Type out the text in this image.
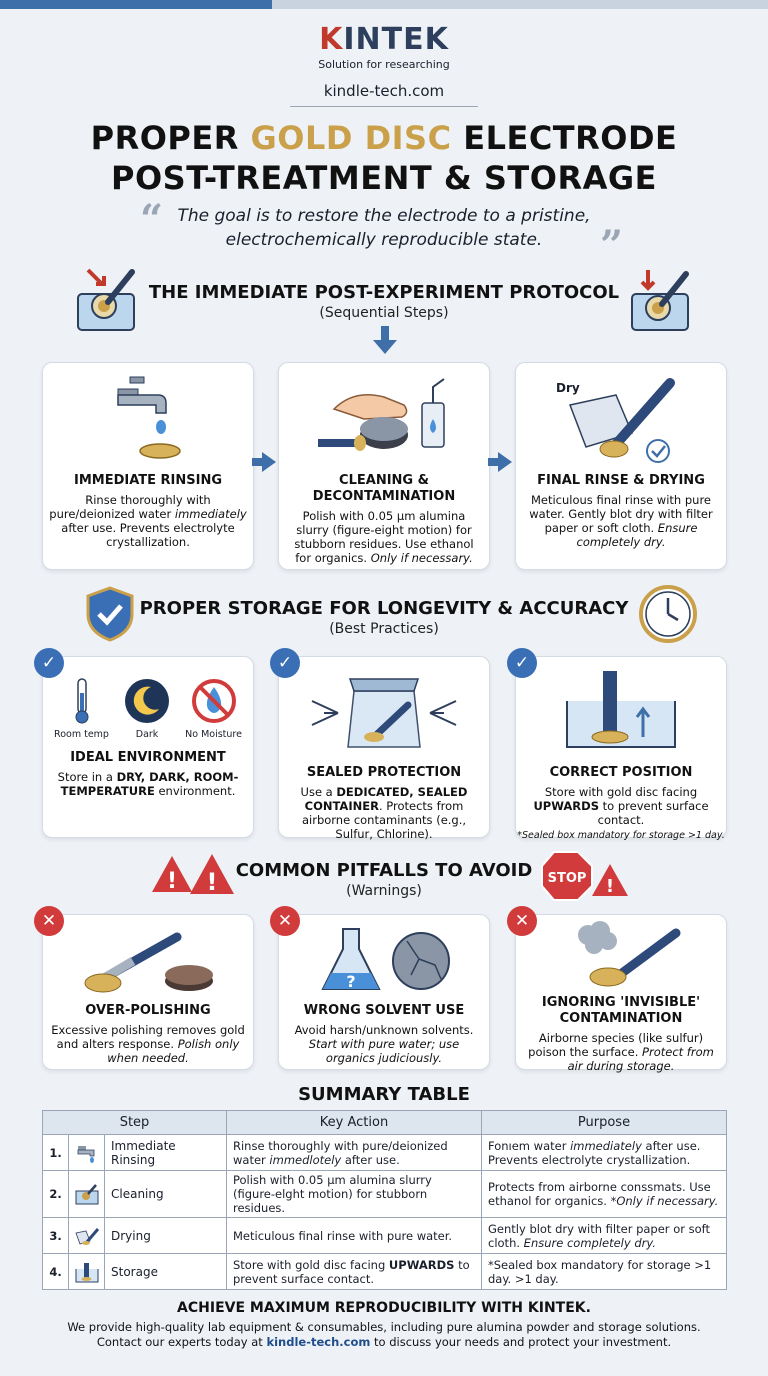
KINTEK
Solution for researching
kindle-tech.com
PROPER GOLD DISC ELECTRODE
POST-TREATMENT & STORAGE
“ The goal is to restore the electrode to a pristine, electrochemically reproducible state.	”
THE IMMEDIATE POST-EXPERIMENT PROTOCOL
(Sequential Steps)
IMMEDIATE RINSING
Rinse thoroughly with pure/deionized water immediately after use. Prevents electrolyte crystallization.
CLEANING & DECONTAMINATION
Polish with 0.05 µm alumina slurry (figure-eight motion) for stubborn residues. Use ethanol for organics. Only if necessary.
Dry
FINAL RINSE & DRYING
Meticulous final rinse with pure water. Gently blot dry with filter paper or soft cloth. Ensure completely dry.
PROPER STORAGE FOR LONGEVITY & ACCURACY
(Best Practices)
Room temp	Dark	No Moisture
IDEAL ENVIRONMENT
Store in a DRY, DARK, ROOM-TEMPERATURE environment.
✓
SEALED PROTECTION
Use a DEDICATED, SEALED CONTAINER. Protects from airborne contaminants (e.g., Sulfur, Chlorine).
✓
CORRECT POSITION
Store with gold disc facing UPWARDS to prevent surface contact.
*Sealed box mandatory for storage >1 day.
✓
! !	COMMON PITFALLS TO AVOID
(Warnings)
STOP !
OVER-POLISHING
Excessive polishing removes gold and alters response. Polish only when needed.
✕
?
WRONG SOLVENT USE
Avoid harsh/unknown solvents. Start with pure water; use organics judiciously.
✕
IGNORING 'INVISIBLE' CONTAMINATION
Airborne species (like sulfur) poison the surface. Protect from air during storage.
✕
SUMMARY TABLE
Step			Key Action	Purpose
1.		Immediate Rinsing	Rinse thoroughly with pure/deionized water immedlotely after use.	Fonıem water immediately after use. Prevents electrolyte crystallization.
2.		Cleaning	Polish with 0.05 µm alumina slurry (figure-elght motion) for stubborn residues.	Protects from airborne conssmats. Use ethanol for organics. *Only if necessary.
3.		Drying	Meticulous final rinse with pure water.	Gently blot dry with filter paper or soft cloth. Ensure completely dry.
4.		Storage	Store with gold disc facing UPWARDS to prevent surface contact.	*Sealed box mandatory for storage >1 day. >1 day.
ACHIEVE MAXIMUM REPRODUCIBILITY WITH KINTEK.
We provide high-quality lab equipment & consumables, including pure alumina powder and storage solutions.
Contact our experts today at kindle-tech.com to discuss your needs and protect your investment.
